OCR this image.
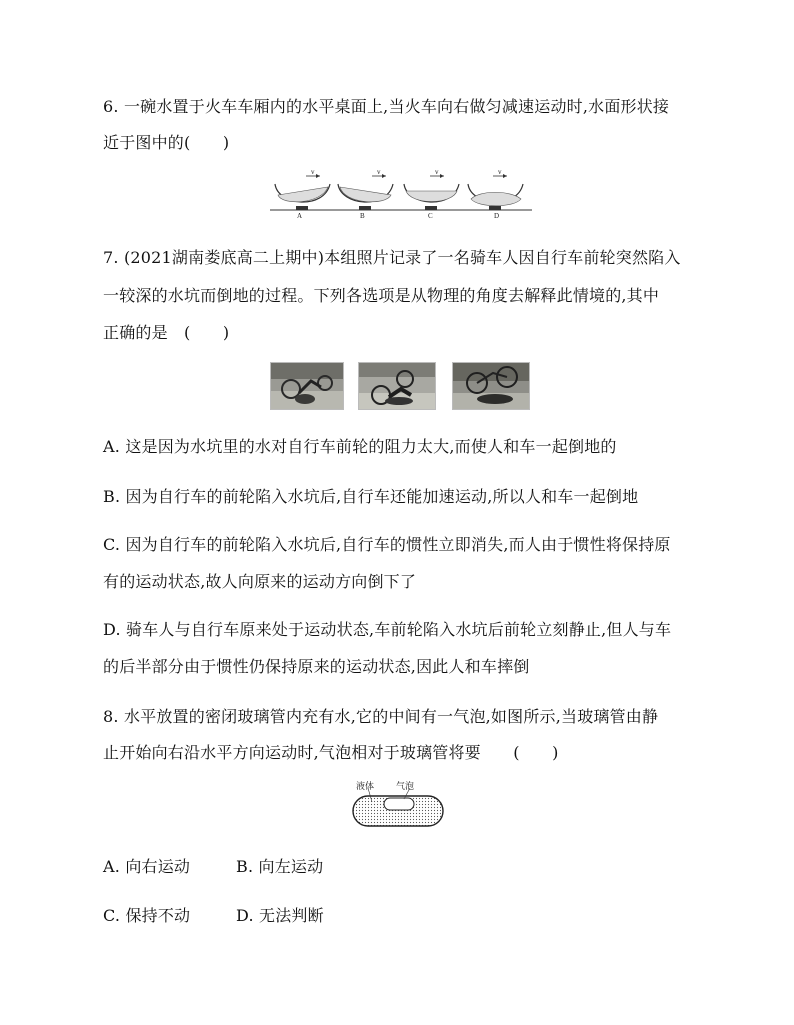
6. 一碗水置于火车车厢内的水平桌面上,当火车向右做匀减速运动时,水面形状接
近于图中的(　　)
v	v	v	v
A	B	C	D
7. (2021湖南娄底高二上期中)本组照片记录了一名骑车人因自行车前轮突然陷入
一较深的水坑而倒地的过程。下列各选项是从物理的角度去解释此情境的,其中
正确的是　(　　)
A. 这是因为水坑里的水对自行车前轮的阻力太大,而使人和车一起倒地的
B. 因为自行车的前轮陷入水坑后,自行车还能加速运动,所以人和车一起倒地
C. 因为自行车的前轮陷入水坑后,自行车的惯性立即消失,而人由于惯性将保持原
有的运动状态,故人向原来的运动方向倒下了
D. 骑车人与自行车原来处于运动状态,车前轮陷入水坑后前轮立刻静止,但人与车
的后半部分由于惯性仍保持原来的运动状态,因此人和车摔倒
8. 水平放置的密闭玻璃管内充有水,它的中间有一气泡,如图所示,当玻璃管由静
止开始向右沿水平方向运动时,气泡相对于玻璃管将要　　(　　)
液体 气泡
A. 向右运动	B. 向左运动
C. 保持不动	D. 无法判断
